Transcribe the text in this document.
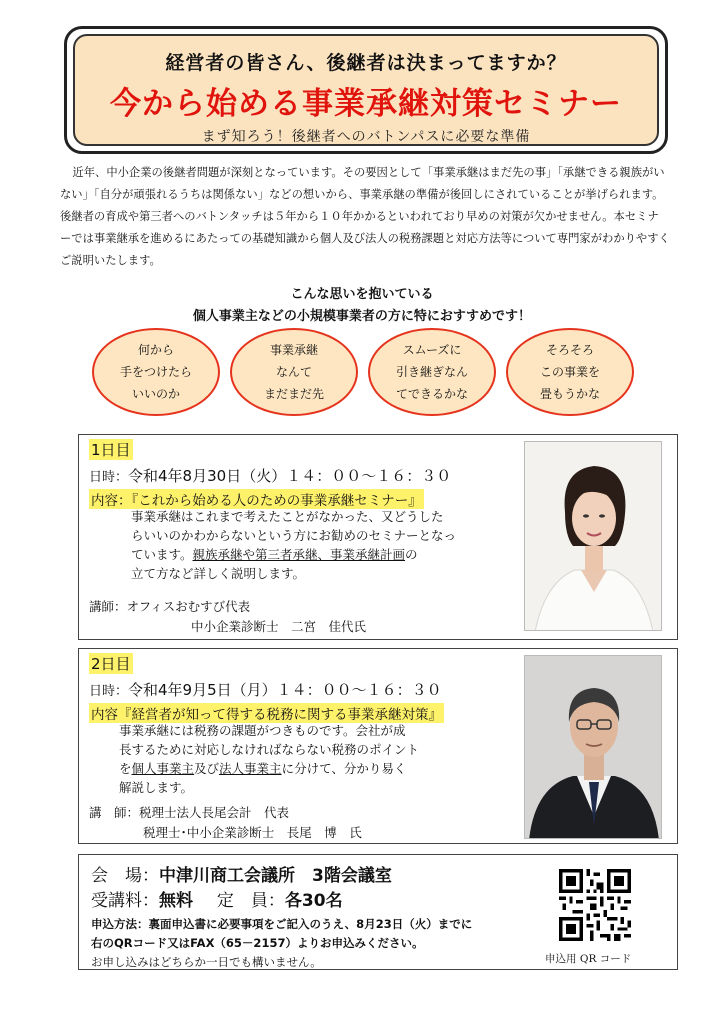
経営者の皆さん、後継者は決まってますか？
今から始める事業承継対策セミナー
まず知ろう！後継者へのバトンパスに必要な準備

近年、中小企業の後継者問題が深刻となっています。その要因として「事業承継はまだ先の事」「承継できる親族がいない」「自分が頑張れるうちは関係ない」などの想いから、事業承継の準備が後回しにされていることが挙げられます。後継者の育成や第三者へのバトンタッチは５年から１０年かかるといわれており早めの対策が欠かせません。本セミナーでは事業継承を進めるにあたっての基礎知識から個人及び法人の税務課題と対応方法等について専門家がわかりやすくご説明いたします。

こんな思いを抱いている
個人事業主などの小規模事業者の方に特におすすめです！
何から
手をつけたら
いいのか
事業承継
なんて
まだまだ先
スムーズに
引き継ぎなん
てできるかな
そろそろ
この事業を
畳もうかな
1日目
日時：令和4年8月30日（火）１４：００～１６：３０
内容：『これから始める人のための事業承継セミナー』
事業承継はこれまで考えたことがなかった、又どうした
らいいのかわからないという方にお勧めのセミナーとなっ
ています。親族承継や第三者承継、事業承継計画の
立て方など詳しく説明します。
講師：オフィスおむすび代表
中小企業診断士　二宮　佳代氏
2日目
日時：令和4年9月5日（月）１４：００～１６：３０
内容『経営者が知って得する税務に関する事業承継対策』
事業承継には税務の課題がつきものです。会社が成
長するために対応しなければならない税務のポイント
を個人事業主及び法人事業主に分けて、分かり易く
解説します。
講　師：税理士法人長尾会計　代表
税理士･中小企業診断士　長尾　博　氏
会　場：中津川商工会議所　3階会議室
受講料：無料 定　員：各30名
申込方法：裏面申込書に必要事項をご記入のうえ、8月23日（火）までに
右のQRコード又はFAX（65－2157）よりお申込みください。
お申し込みはどちらか一日でも構いません。	申込用 QR コード
